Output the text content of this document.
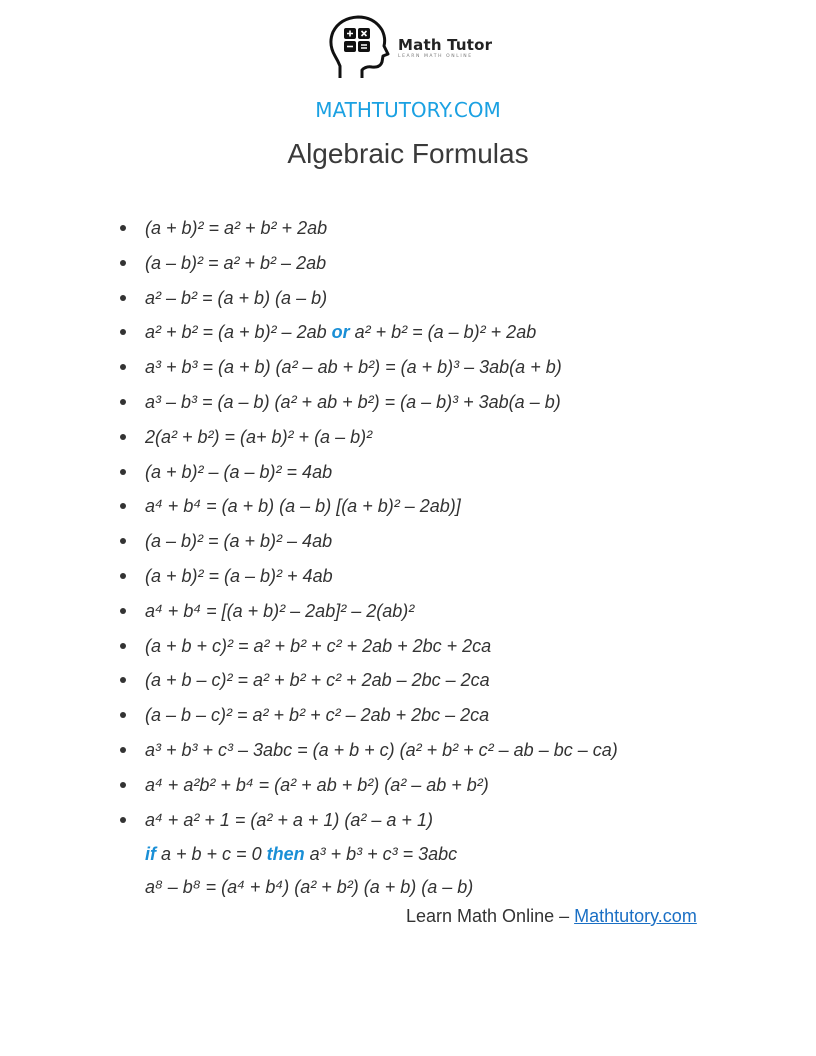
Math Tutor
LEARN MATH ONLINE
MATHTUTORY.COM
Algebraic Formulas
(a + b)² = a² + b² + 2ab
(a – b)² = a² + b² – 2ab
a² – b² = (a + b) (a – b)
a² + b² = (a + b)² – 2ab or a² + b² = (a – b)² + 2ab
a³ + b³ = (a + b) (a² – ab + b²) = (a + b)³ – 3ab(a + b)
a³ – b³ = (a – b) (a² + ab + b²) = (a – b)³ + 3ab(a – b)
2(a² + b²) = (a+ b)² + (a – b)²
(a + b)² – (a – b)² = 4ab
a⁴ + b⁴ = (a + b) (a – b) [(a + b)² – 2ab)]
(a – b)² = (a + b)² – 4ab
(a + b)² = (a – b)² + 4ab
a⁴ + b⁴ = [(a + b)² – 2ab]² – 2(ab)²
(a + b + c)² = a² + b² + c² + 2ab + 2bc + 2ca
(a + b – c)² = a² + b² + c² + 2ab – 2bc – 2ca
(a – b – c)² = a² + b² + c² – 2ab + 2bc – 2ca
a³ + b³ + c³ – 3abc = (a + b + c) (a² + b² + c² – ab – bc – ca)
a⁴ + a²b² + b⁴ = (a² + ab + b²) (a² – ab + b²)
a⁴ + a² + 1 = (a² + a + 1) (a² – a + 1)
if a + b + c = 0 then a³ + b³ + c³ = 3abc
a⁸ – b⁸ = (a⁴ + b⁴) (a² + b²) (a + b) (a – b)
Learn Math Online – Mathtutory.com
